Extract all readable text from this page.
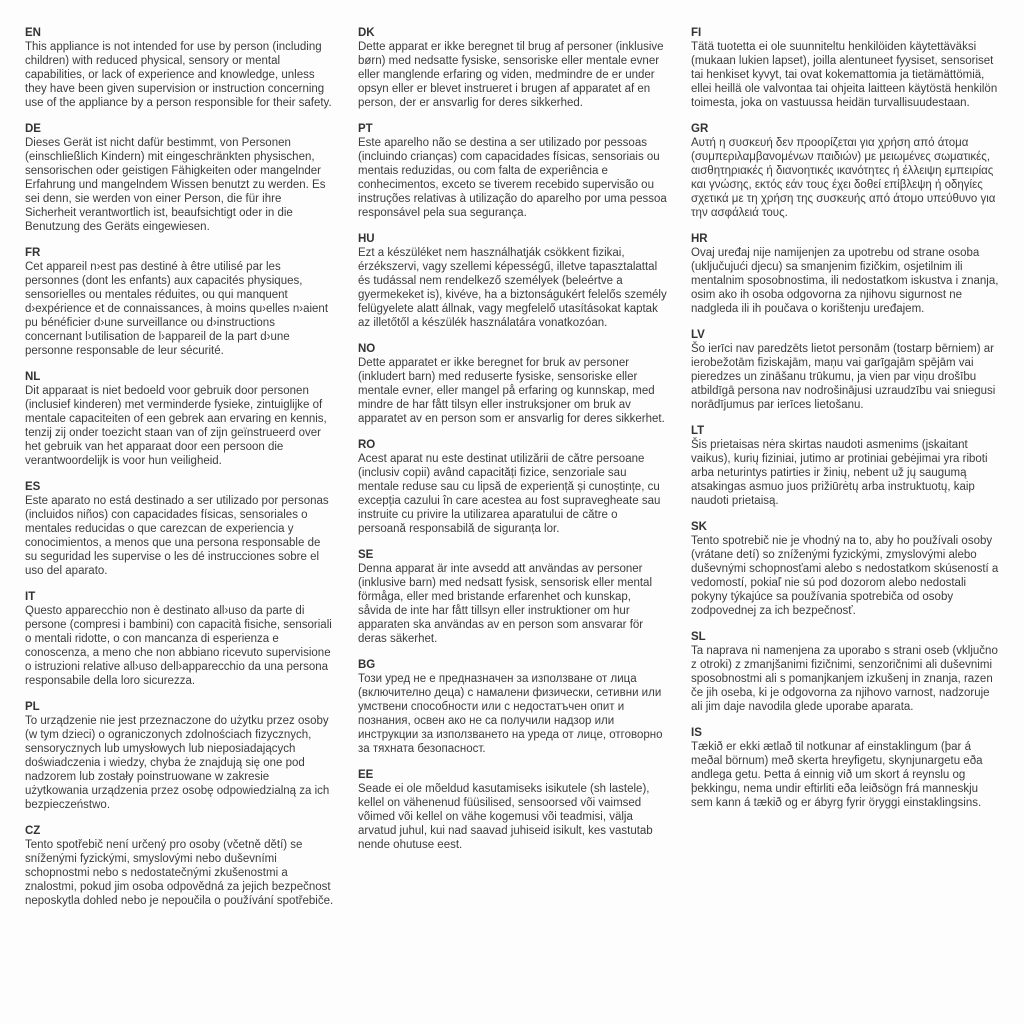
EN

This appliance is not intended for use by person (including children) with reduced physical, sensory or mental capabilities, or lack of experience and knowledge, unless they have been given supervision or instruction concerning use of the appliance by a person responsible for their safety.

DE

Dieses Gerät ist nicht dafür bestimmt, von Personen (einschließlich Kindern) mit eingeschränkten physischen, sensorischen oder geistigen Fähigkeiten oder mangelnder Erfahrung und mangelndem Wissen benutzt zu werden. Es sei denn, sie werden von einer Person, die für ihre Sicherheit verantwortlich ist, beaufsichtigt oder in die Benutzung des Geräts eingewiesen.

FR

Cet appareil n›est pas destiné à être utilisé par les personnes (dont les enfants) aux capacités physiques, sensorielles ou mentales réduites, ou qui manquent d›expérience et de connaissances, à moins qu›elles n›aient pu bénéficier d›une surveillance ou d›instructions concernant l›utilisation de l›appareil de la part d›une personne responsable de leur sécurité.

NL

Dit apparaat is niet bedoeld voor gebruik door personen (inclusief kinderen) met verminderde fysieke, zintuiglijke of mentale capaciteiten of een gebrek aan ervaring en kennis, tenzij zij onder toezicht staan van of zijn geïnstrueerd over het gebruik van het apparaat door een persoon die verantwoordelijk is voor hun veiligheid.

ES

Este aparato no está destinado a ser utilizado por personas (incluidos niños) con capacidades físicas, sensoriales o mentales reducidas o que carezcan de experiencia y conocimientos, a menos que una persona responsable de su seguridad les supervise o les dé instrucciones sobre el uso del aparato.

IT

Questo apparecchio non è destinato all›uso da parte di persone (compresi i bambini) con capacità fisiche, sensoriali o mentali ridotte, o con mancanza di esperienza e conoscenza, a meno che non abbiano ricevuto supervisione o istruzioni relative all›uso dell›apparecchio da una persona responsabile della loro sicurezza.

PL

To urządzenie nie jest przeznaczone do użytku przez osoby (w tym dzieci) o ograniczonych zdolnościach fizycznych, sensorycznych lub umysłowych lub nieposiadających doświadczenia i wiedzy, chyba że znajdują się one pod nadzorem lub zostały poinstruowane w zakresie użytkowania urządzenia przez osobę odpowiedzialną za ich bezpieczeństwo.

CZ

Tento spotřebič není určený pro osoby (včetně dětí) se sníženými fyzickými, smyslovými nebo duševními schopnostmi nebo s nedostatečnými zkušenostmi a znalostmi, pokud jim osoba odpovědná za jejich bezpečnost neposkytla dohled nebo je nepoučila o používání spotřebiče.

DK

Dette apparat er ikke beregnet til brug af personer (inklusive børn) med nedsatte fysiske, sensoriske eller mentale evner eller manglende erfaring og viden, medmindre de er under opsyn eller er blevet instrueret i brugen af apparatet af en person, der er ansvarlig for deres sikkerhed.

PT

Este aparelho não se destina a ser utilizado por pessoas (incluindo crianças) com capacidades físicas, sensoriais ou mentais reduzidas, ou com falta de experiência e conhecimentos, exceto se tiverem recebido supervisão ou instruções relativas à utilização do aparelho por uma pessoa responsável pela sua segurança.

HU

Ezt a készüléket nem használhatják csökkent fizikai, érzékszervi, vagy szellemi képességű, illetve tapasztalattal és tudással nem rendelkező személyek (beleértve a gyermekeket is), kivéve, ha a biztonságukért felelős személy felügyelete alatt állnak, vagy megfelelő utasításokat kaptak az illetőtől a készülék használatára vonatkozóan.

NO

Dette apparatet er ikke beregnet for bruk av personer (inkludert barn) med reduserte fysiske, sensoriske eller mentale evner, eller mangel på erfaring og kunnskap, med mindre de har fått tilsyn eller instruksjoner om bruk av apparatet av en person som er ansvarlig for deres sikkerhet.

RO

Acest aparat nu este destinat utilizării de către persoane (inclusiv copii) având capacități fizice, senzoriale sau mentale reduse sau cu lipsă de experiență și cunoștințe, cu excepția cazului în care acestea au fost supravegheate sau instruite cu privire la utilizarea aparatului de către o persoană responsabilă de siguranța lor.

SE

Denna apparat är inte avsedd att användas av personer (inklusive barn) med nedsatt fysisk, sensorisk eller mental förmåga, eller med bristande erfarenhet och kunskap, såvida de inte har fått tillsyn eller instruktioner om hur apparaten ska användas av en person som ansvarar för deras säkerhet.

BG

Този уред не е предназначен за използване от лица (включително деца) с намалени физически, сетивни или умствени способности или с недостатъчен опит и познания, освен ако не са получили надзор или инструкции за използването на уреда от лице, отговорно за тяхната безопасност.

EE

Seade ei ole mõeldud kasutamiseks isikutele (sh lastele), kellel on vähenenud füüsilised, sensoorsed või vaimsed võimed või kellel on vähe kogemusi või teadmisi, välja arvatud juhul, kui nad saavad juhiseid isikult, kes vastutab nende ohutuse eest.

FI

Tätä tuotetta ei ole suunniteltu henkilöiden käytettäväksi (mukaan lukien lapset), joilla alentuneet fyysiset, sensoriset tai henkiset kyvyt, tai ovat kokemattomia ja tietämättömiä, ellei heillä ole valvontaa tai ohjeita laitteen käytöstä henkilön toimesta, joka on vastuussa heidän turvallisuudestaan.

GR

Αυτή η συσκευή δεν προορίζεται για χρήση από άτομα (συμπεριλαμβανομένων παιδιών) με μειωμένες σωματικές, αισθητηριακές ή διανοητικές ικανότητες ή έλλειψη εμπειρίας και γνώσης, εκτός εάν τους έχει δοθεί επίβλεψη ή οδηγίες σχετικά με τη χρήση της συσκευής από άτομο υπεύθυνο για την ασφάλειά τους.

HR

Ovaj uređaj nije namijenjen za upotrebu od strane osoba (uključujući djecu) sa smanjenim fizičkim, osjetilnim ili mentalnim sposobnostima, ili nedostatkom iskustva i znanja, osim ako ih osoba odgovorna za njihovu sigurnost ne nadgleda ili ih poučava o korištenju uređajem.

LV

Šo ierīci nav paredzēts lietot personām (tostarp bērniem) ar ierobežotām fiziskajām, maņu vai garīgajām spējām vai pieredzes un zināšanu trūkumu, ja vien par viņu drošību atbildīgā persona nav nodrošinājusi uzraudzību vai sniegusi norādījumus par ierīces lietošanu.

LT

Šis prietaisas nėra skirtas naudoti asmenims (įskaitant vaikus), kurių fiziniai, jutimo ar protiniai gebėjimai yra riboti arba neturintys patirties ir žinių, nebent už jų saugumą atsakingas asmuo juos prižiūrėtų arba instruktuotų, kaip naudoti prietaisą.

SK

Tento spotrebič nie je vhodný na to, aby ho používali osoby (vrátane detí) so zníženými fyzickými, zmyslovými alebo duševnými schopnosťami alebo s nedostatkom skúseností a vedomostí, pokiaľ nie sú pod dozorom alebo nedostali pokyny týkajúce sa používania spotrebiča od osoby zodpovednej za ich bezpečnosť.

SL

Ta naprava ni namenjena za uporabo s strani oseb (vključno z otroki) z zmanjšanimi fizičnimi, senzoričnimi ali duševnimi sposobnostmi ali s pomanjkanjem izkušenj in znanja, razen če jih oseba, ki je odgovorna za njihovo varnost, nadzoruje ali jim daje navodila glede uporabe aparata.

IS

Tækið er ekki ætlað til notkunar af einstaklingum (þar á meðal börnum) með skerta hreyfigetu, skynjunargetu eða andlega getu. Þetta á einnig við um skort á reynslu og þekkingu, nema undir eftirliti eða leiðsögn frá manneskju sem kann á tækið og er ábyrg fyrir öryggi einstaklingsins.
